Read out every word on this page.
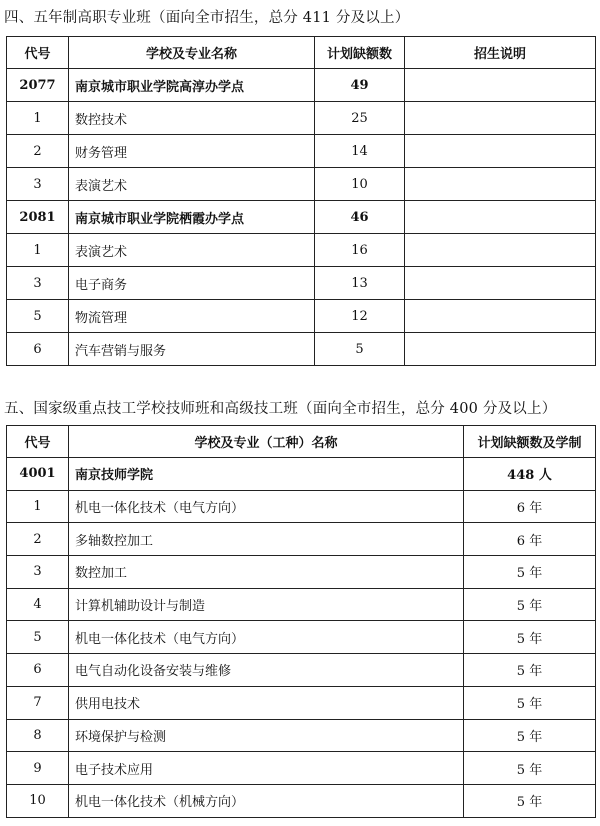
四、五年制高职专业班（面向全市招生，总分 411 分及以上）
代号	学校及专业名称	计划缺额数	招生说明
2077	南京城市职业学院高淳办学点	49	
1	数控技术	25	
2	财务管理	14	
3	表演艺术	10	
2081	南京城市职业学院栖霞办学点	46	
1	表演艺术	16	
3	电子商务	13	
5	物流管理	12	
6	汽车营销与服务	5	
五、国家级重点技工学校技师班和高级技工班（面向全市招生，总分 400 分及以上）
代号	学校及专业（工种）名称	计划缺额数及学制
4001	南京技师学院	448 人
1	机电一体化技术（电气方向）	6 年
2	多轴数控加工	6 年
3	数控加工	5 年
4	计算机辅助设计与制造	5 年
5	机电一体化技术（电气方向）	5 年
6	电气自动化设备安装与维修	5 年
7	供用电技术	5 年
8	环境保护与检测	5 年
9	电子技术应用	5 年
10	机电一体化技术（机械方向）	5 年
